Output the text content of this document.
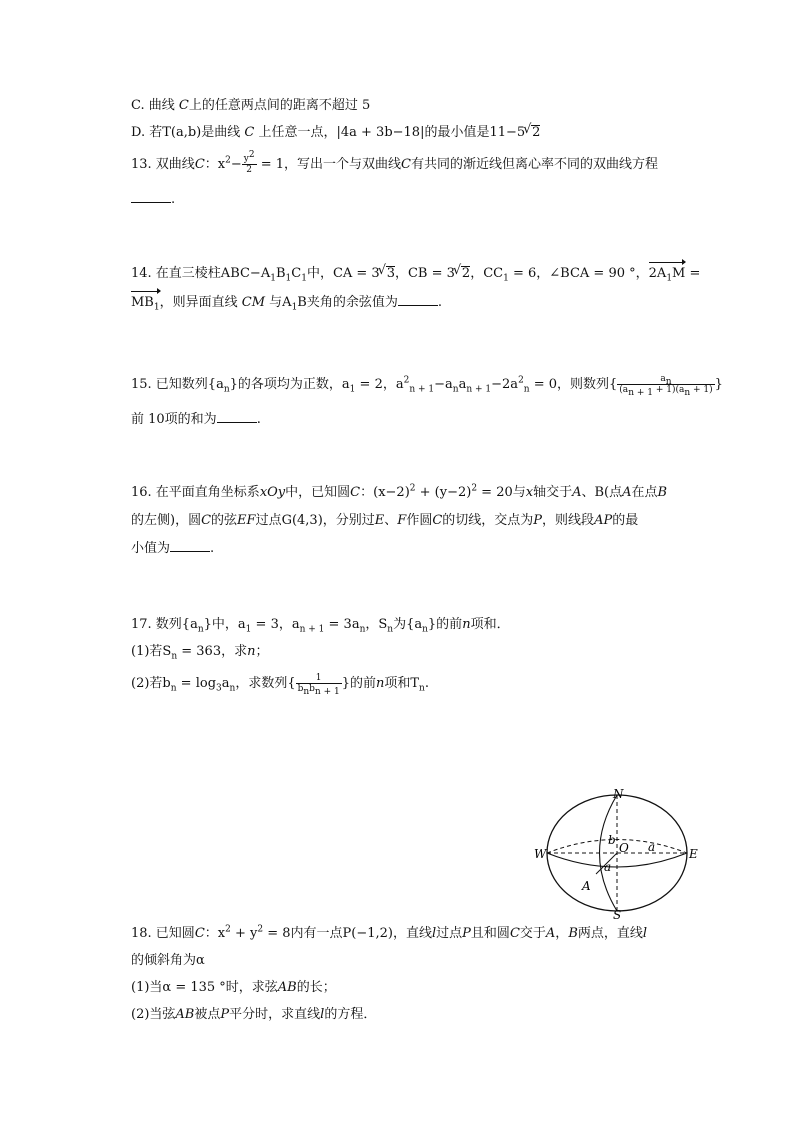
C. 曲线 C上的任意两点间的距离不超过 5
D. 若T(a,b)是曲线 C 上任意一点，|4a + 3b−18|的最小值是11−5 √ 2
13. 双曲线C：$x^2- \frac{y^2}{2} = 1$，写出一个与双曲线C有共同的渐近线但离心率不同的双曲线方程
.
14. 在直三棱柱$ABC-A_1B_1C_1$中，CA = 3 √ 3，CB = 3 √ 2，$CC_1 = 6$，∠BCA = 90 °，$2A_1M$ =
$MB_1$，则异面直线 CM 与$A_1B$夹角的余弦值为	.
15. 已知数列$\{a_n\}$的各项均为正数，$a_1 = 2$，$a^2_{n + 1}-a_na_{n + 1}-2a^2_n = 0$，则数列{ $\frac{a_n}{(a_{n + 1} + 1)(a_n + 1)}$ }
前 10项的和为	.
16. 在平面直角坐标系xOy中，已知圆C：$(x-2)^2 + (y-2)^2 = 20$与x轴交于A、B(点A在点B
的左侧)，圆C的弦EF过点G(4,3)，分别过E、F作圆C的切线，交点为P，则线段AP的最
小值为	.
17. 数列$\{a_n\}$中，$a_1 = 3$，$a_{n + 1} = 3a_n$，$S_n$为$\{a_n\}$的前n项和．
(1)若$S_n = 363$，求n；
(2)若$b_n = \log_3a_n$，求数列{ $\frac{1}{b_nb_{n + 1}}$ }的前n项和$T_n$.
N
S
W	E
O
b	a
a
A
18. 已知圆C：$x^2 + y^2 = 8$内有一点P(−1,2)，直线l过点P且和圆C交于A，B两点，直线l
的倾斜角为α
(1)当α = 135 °时，求弦AB的长；
(2)当弦AB被点P平分时，求直线l的方程．
